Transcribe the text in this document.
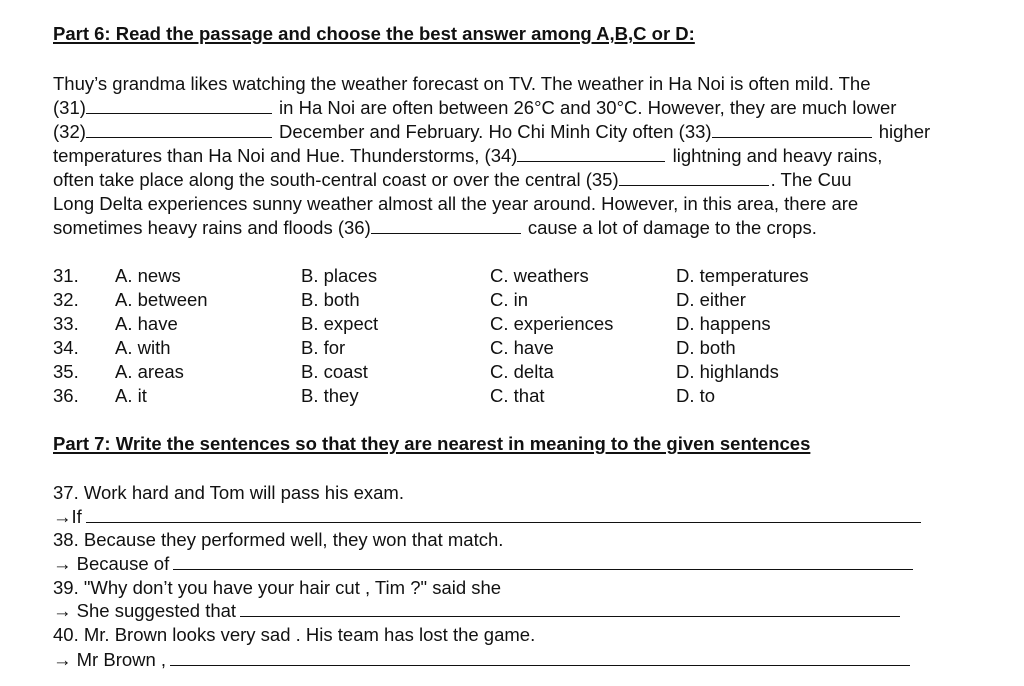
Part 6: Read the passage and choose the best answer among A,B,C or D:
Thuy’s grandma likes watching the weather forecast on TV. The weather in Ha Noi is often mild. The
(31)	in Ha Noi are often between 26°C and 30°C. However, they are much lower
(32)	December and February. Ho Chi Minh City often (33)	higher
temperatures than Ha Noi and Hue. Thunderstorms, (34)	lightning and heavy rains,
often take place along the south-central coast or over the central (35)	. The Cuu
Long Delta experiences sunny weather almost all the year around. However, in this area, there are
sometimes heavy rains and floods (36)	cause a lot of damage to the crops.
31. A. news	B. places	C. weathers	D. temperatures
32. A. between	B. both	C. in	D. either
33. A. have	B. expect	C. experiences	D. happens
34. A. with	B. for	C. have	D. both
35. A. areas	B. coast	C. delta	D. highlands
36. A. it	B. they	C. that	D. to
Part 7: Write the sentences so that they are nearest in meaning to the given sentences
37. Work hard and Tom will pass his exam.
→If
38. Because they performed well, they won that match.
→ Because of
39. "Why don’t you have your hair cut , Tim ?" said she
→ She suggested that
40. Mr. Brown looks very sad . His team has lost the game.
→ Mr Brown ,
